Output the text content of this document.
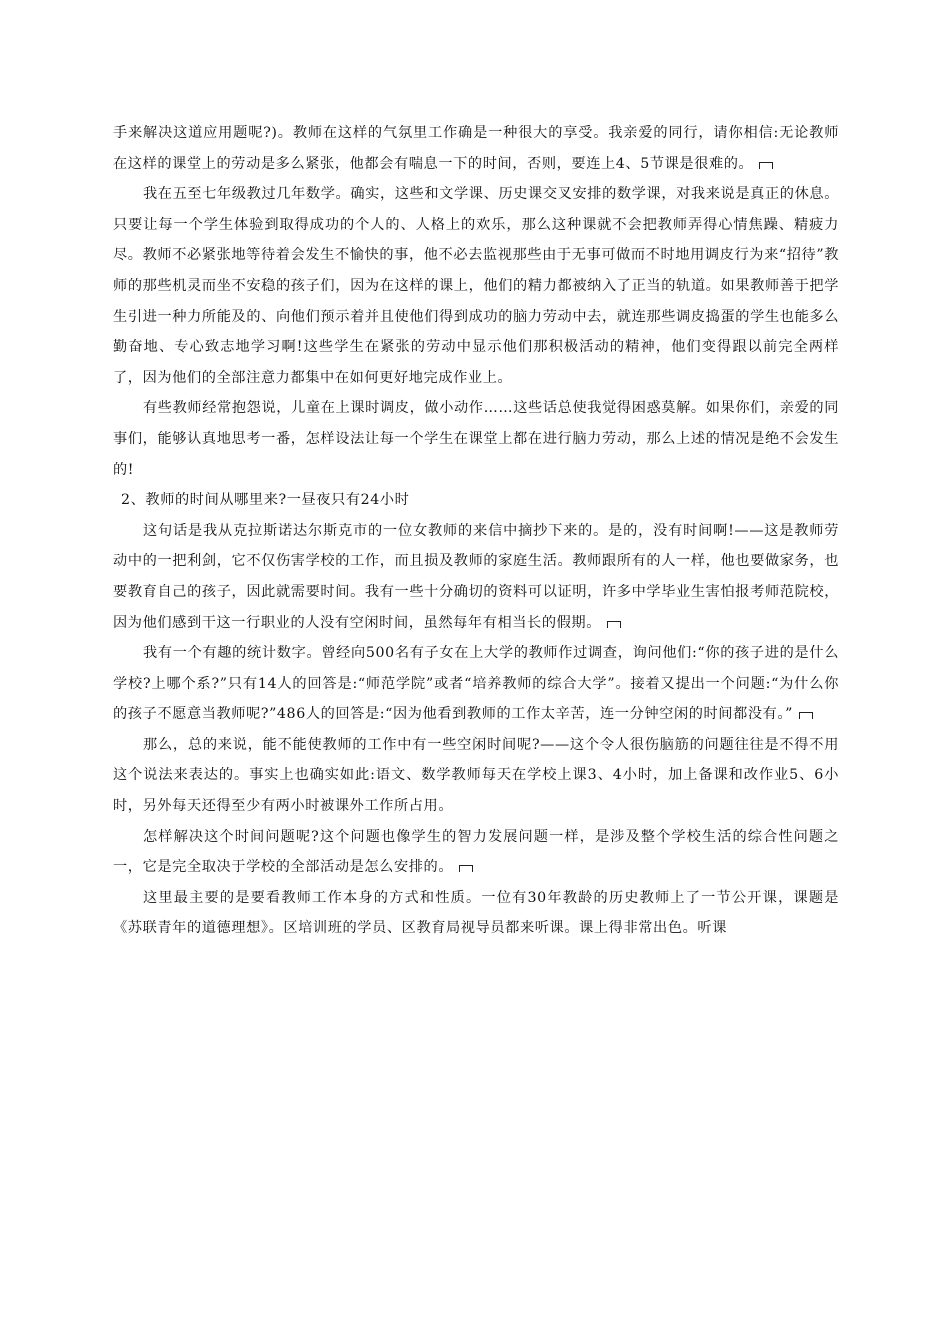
手来解决这道应用题呢?)。教师在这样的气氛里工作确是一种很大的享受。我亲爱的同行，请你相信:无论教师在这样的课堂上的劳动是多么紧张，他都会有喘息一下的时间，否则，要连上4、5节课是很难的。

我在五至七年级教过几年数学。确实，这些和文学课、历史课交叉安排的数学课，对我来说是真正的休息。只要让每一个学生体验到取得成功的个人的、人格上的欢乐，那么这种课就不会把教师弄得心情焦躁、精疲力尽。教师不必紧张地等待着会发生不愉快的事，他不必去监视那些由于无事可做而不时地用调皮行为来“招待”教师的那些机灵而坐不安稳的孩子们，因为在这样的课上，他们的精力都被纳入了正当的轨道。如果教师善于把学生引进一种力所能及的、向他们预示着并且使他们得到成功的脑力劳动中去，就连那些调皮捣蛋的学生也能多么勤奋地、专心致志地学习啊!这些学生在紧张的劳动中显示他们那积极活动的精神，他们变得跟以前完全两样了，因为他们的全部注意力都集中在如何更好地完成作业上。

有些教师经常抱怨说，儿童在上课时调皮，做小动作……这些话总使我觉得困惑莫解。如果你们，亲爱的同事们，能够认真地思考一番，怎样设法让每一个学生在课堂上都在进行脑力劳动，那么上述的情况是绝不会发生的!

2、教师的时间从哪里来?一昼夜只有24小时

这句话是我从克拉斯诺达尔斯克市的一位女教师的来信中摘抄下来的。是的，没有时间啊!——这是教师劳动中的一把利剑，它不仅伤害学校的工作，而且损及教师的家庭生活。教师跟所有的人一样，他也要做家务，也要教育自己的孩子，因此就需要时间。我有一些十分确切的资料可以证明，许多中学毕业生害怕报考师范院校，因为他们感到干这一行职业的人没有空闲时间，虽然每年有相当长的假期。

我有一个有趣的统计数字。曾经向500名有子女在上大学的教师作过调查，询问他们:“你的孩子进的是什么学校?上哪个系?”只有14人的回答是:“师范学院”或者“培养教师的综合大学”。接着又提出一个问题:“为什么你的孩子不愿意当教师呢?”486人的回答是:“因为他看到教师的工作太辛苦，连一分钟空闲的时间都没有。”

那么，总的来说，能不能使教师的工作中有一些空闲时间呢?——这个令人很伤脑筋的问题往往是不得不用这个说法来表达的。事实上也确实如此:语文、数学教师每天在学校上课3、4小时，加上备课和改作业5、6小时，另外每天还得至少有两小时被课外工作所占用。

怎样解决这个时间问题呢?这个问题也像学生的智力发展问题一样，是涉及整个学校生活的综合性问题之一，它是完全取决于学校的全部活动是怎么安排的。

这里最主要的是要看教师工作本身的方式和性质。一位有30年教龄的历史教师上了一节公开课，课题是《苏联青年的道德理想》。区培训班的学员、区教育局视导员都来听课。课上得非常出色。听课
